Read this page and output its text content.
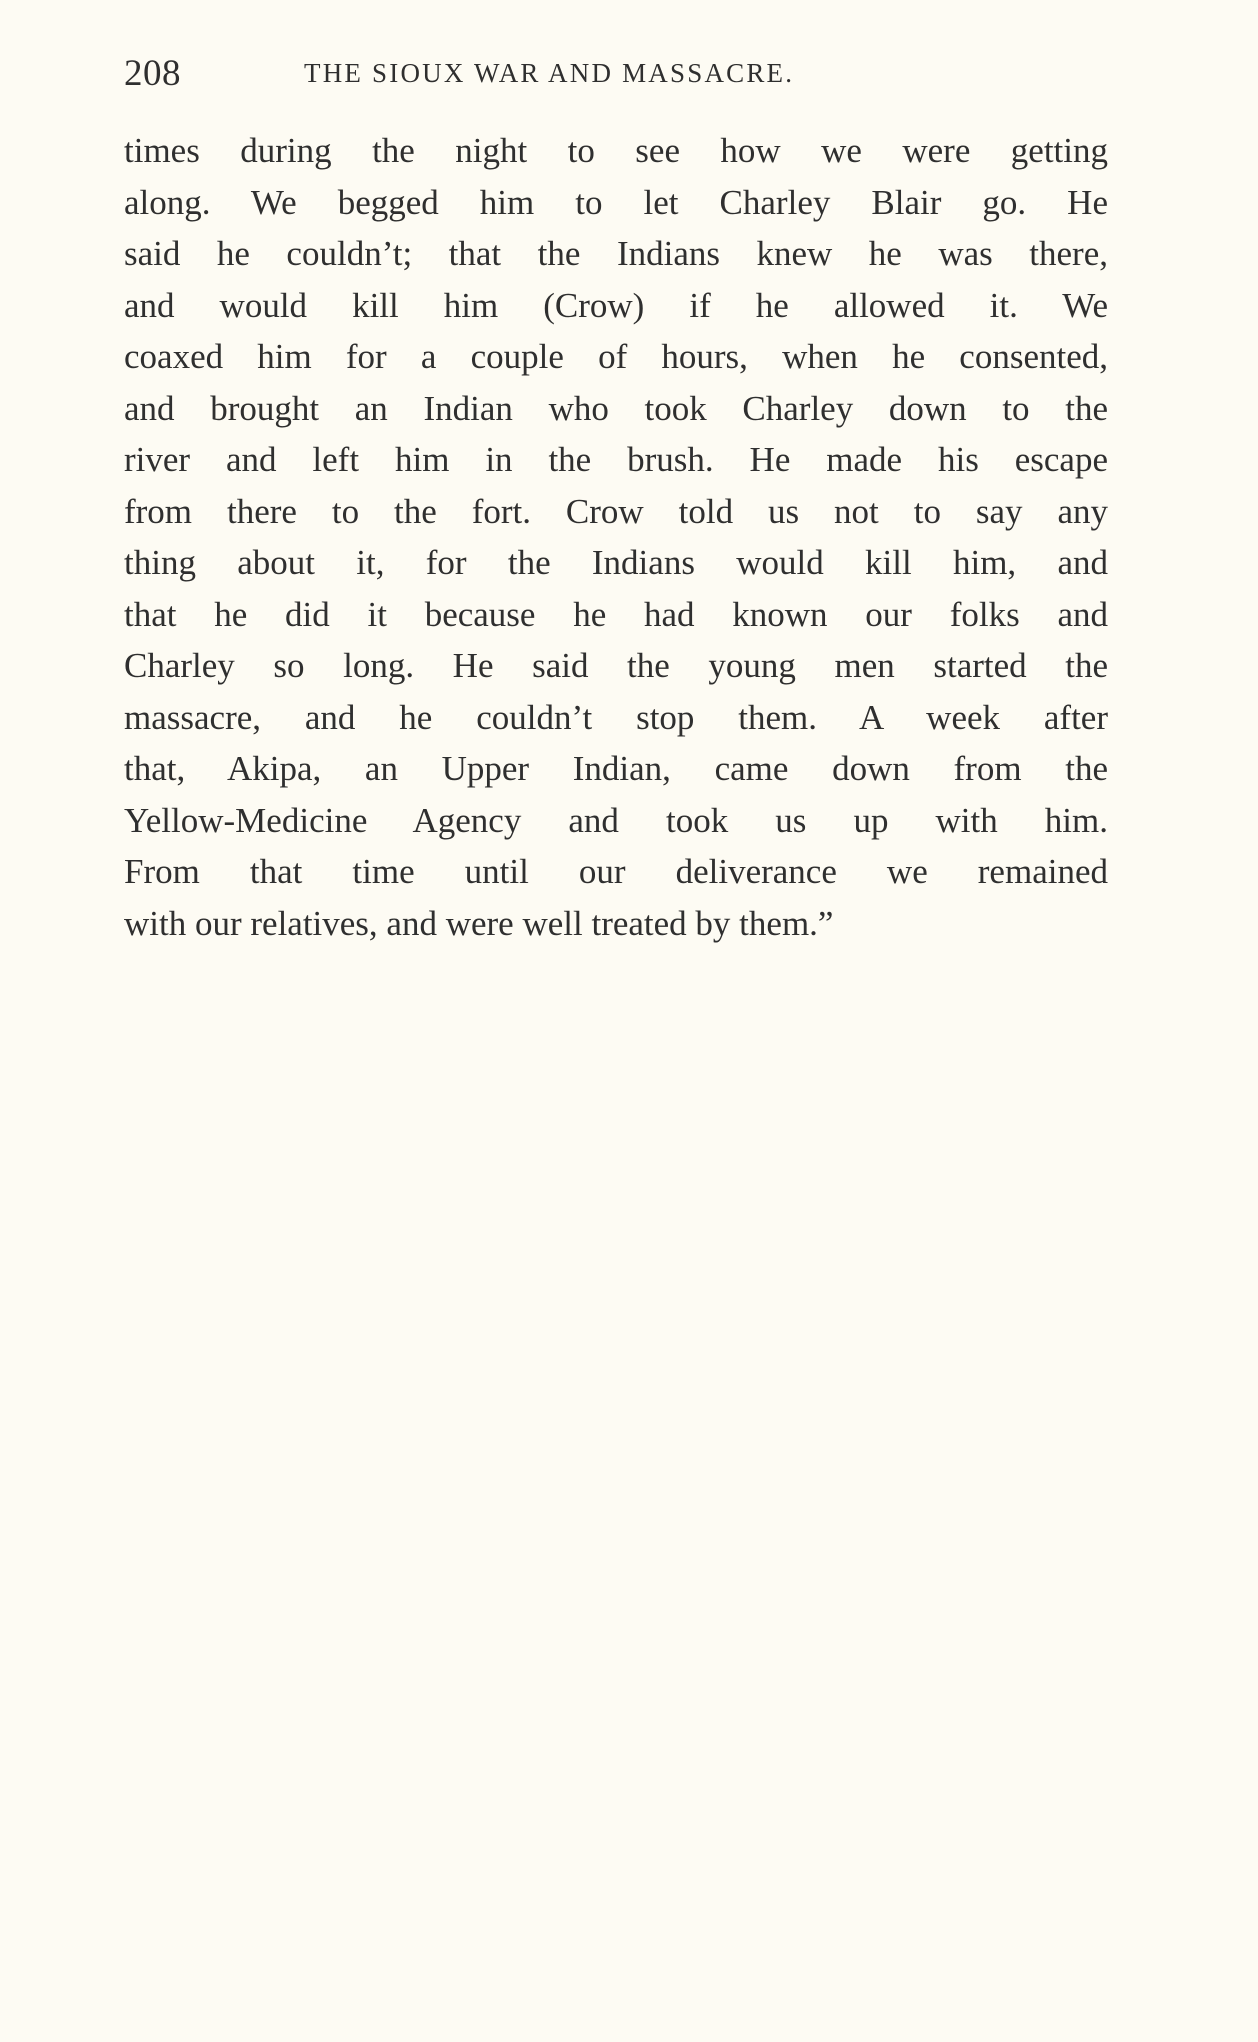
208	THE SIOUX WAR AND MASSACRE.
times during the night to see how we were getting
along. We begged him to let Charley Blair go. He
said he couldn’t; that the Indians knew he was there,
and would kill him (Crow) if he allowed it. We
coaxed him for a couple of hours, when he consented,
and brought an Indian who took Charley down to the
river and left him in the brush. He made his escape
from there to the fort. Crow told us not to say any
thing about it, for the Indians would kill him, and
that he did it because he had known our folks and
Charley so long. He said the young men started the
massacre, and he couldn’t stop them. A week after
that, Akipa, an Upper Indian, came down from the
Yellow-Medicine Agency and took us up with him.
From that time until our deliverance we remained
with our relatives, and were well treated by them.”
